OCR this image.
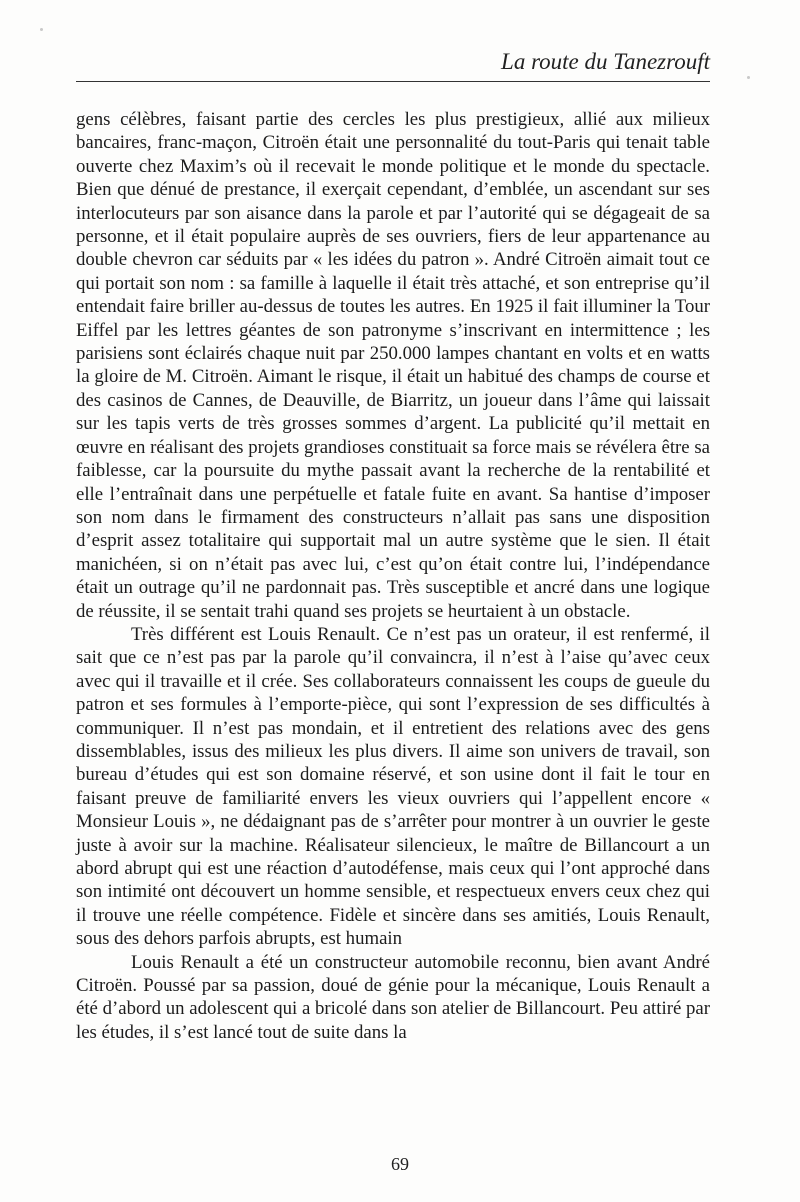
La route du Tanezrouft

gens célèbres, faisant partie des cercles les plus prestigieux, allié aux milieux bancaires, franc-maçon, Citroën était une personnalité du tout-Paris qui tenait table ouverte chez Maxim’s où il recevait le monde politique et le monde du spectacle. Bien que dénué de prestance, il exerçait cependant, d’emblée, un ascendant sur ses interlocuteurs par son aisance dans la parole et par l’autorité qui se dégageait de sa personne, et il était populaire auprès de ses ouvriers, fiers de leur appartenance au double chevron car séduits par « les idées du patron ». André Citroën aimait tout ce qui portait son nom : sa famille à laquelle il était très attaché, et son entreprise qu’il entendait faire briller au-dessus de toutes les autres. En 1925 il fait illuminer la Tour Eiffel par les lettres géantes de son patronyme s’inscrivant en intermittence ; les parisiens sont éclairés chaque nuit par 250.000 lampes chantant en volts et en watts la gloire de M. Citroën. Aimant le risque, il était un habitué des champs de course et des casinos de Cannes, de Deauville, de Biarritz, un joueur dans l’âme qui laissait sur les tapis verts de très grosses sommes d’argent. La publicité qu’il mettait en œuvre en réalisant des projets grandioses constituait sa force mais se révélera être sa faiblesse, car la poursuite du mythe passait avant la recherche de la rentabilité et elle l’entraînait dans une perpétuelle et fatale fuite en avant. Sa hantise d’imposer son nom dans le firmament des constructeurs n’allait pas sans une disposition d’esprit assez totalitaire qui supportait mal un autre système que le sien. Il était manichéen, si on n’était pas avec lui, c’est qu’on était contre lui, l’indépendance était un outrage qu’il ne pardonnait pas. Très susceptible et ancré dans une logique de réussite, il se sentait trahi quand ses projets se heurtaient à un obstacle.

Très différent est Louis Renault. Ce n’est pas un orateur, il est renfermé, il sait que ce n’est pas par la parole qu’il convaincra, il n’est à l’aise qu’avec ceux avec qui il travaille et il crée. Ses collaborateurs connaissent les coups de gueule du patron et ses formules à l’emporte-pièce, qui sont l’expression de ses difficultés à communiquer. Il n’est pas mondain, et il entretient des relations avec des gens dissemblables, issus des milieux les plus divers. Il aime son univers de travail, son bureau d’études qui est son domaine réservé, et son usine dont il fait le tour en faisant preuve de familiarité envers les vieux ouvriers qui l’appellent encore « Monsieur Louis », ne dédaignant pas de s’arrêter pour montrer à un ouvrier le geste juste à avoir sur la machine. Réalisateur silencieux, le maître de Billancourt a un abord abrupt qui est une réaction d’autodéfense, mais ceux qui l’ont approché dans son intimité ont découvert un homme sensible, et respectueux envers ceux chez qui il trouve une réelle compétence. Fidèle et sincère dans ses amitiés, Louis Renault, sous des dehors parfois abrupts, est humain

Louis Renault a été un constructeur automobile reconnu, bien avant André Citroën. Poussé par sa passion, doué de génie pour la mécanique, Louis Renault a été d’abord un adolescent qui a bricolé dans son atelier de Billancourt. Peu attiré par les études, il s’est lancé tout de suite dans la

69
